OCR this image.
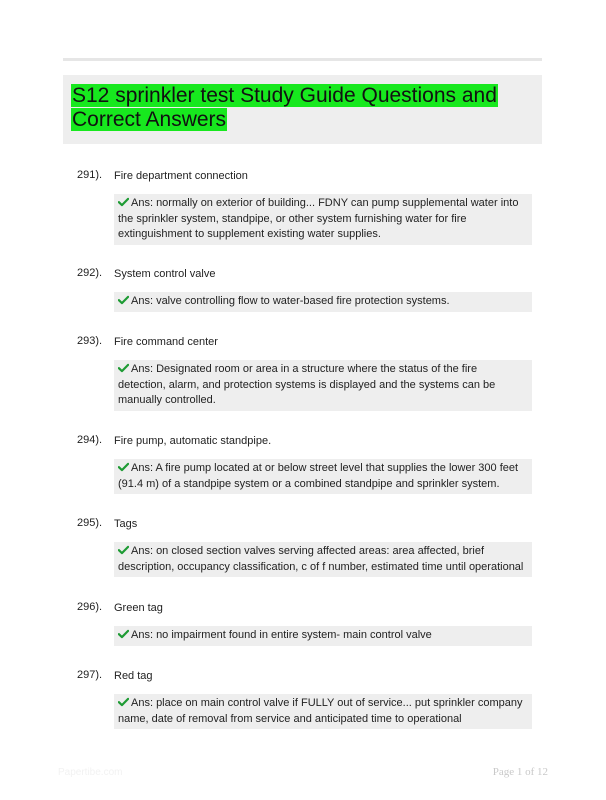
S12 sprinkler test Study Guide Questions and Correct Answers
291). Fire department connection
Ans: normally on exterior of building... FDNY can pump supplemental water into the sprinkler system, standpipe, or other system furnishing water for fire extinguishment to supplement existing water supplies.
292). System control valve
Ans: valve controlling flow to water-based fire protection systems.
293). Fire command center
Ans: Designated room or area in a structure where the status of the fire detection, alarm, and protection systems is displayed and the systems can be manually controlled.
294). Fire pump, automatic standpipe.
Ans: A fire pump located at or below street level that supplies the lower 300 feet (91.4 m) of a standpipe system or a combined standpipe and sprinkler system.
295). Tags
Ans: on closed section valves serving affected areas: area affected, brief description, occupancy classification, c of f number, estimated time until operational
296). Green tag
Ans: no impairment found in entire system- main control valve
297). Red tag
Ans: place on main control valve if FULLY out of service... put sprinkler company name, date of removal from service and anticipated time to operational
Papertibe.com	Page 1 of 12
